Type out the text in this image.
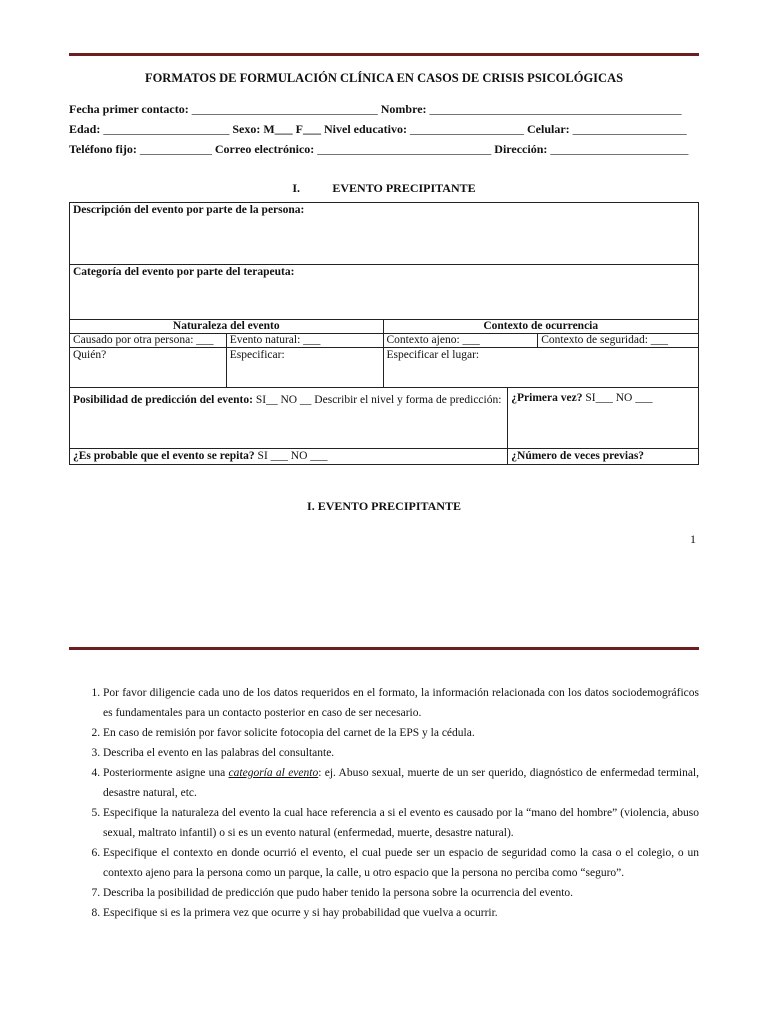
FORMATOS DE FORMULACIÓN CLÍNICA EN CASOS DE CRISIS PSICOLÓGICAS
Fecha primer contacto: _______________________________ Nombre: __________________________________________
Edad: _____________________ Sexo: M___ F___ Nivel educativo: ___________________ Celular: ___________________
Teléfono fijo: ____________ Correo electrónico: _____________________________ Dirección: _______________________
I.	EVENTO PRECIPITANTE
Descripción del evento por parte de la persona:				
Categoría del evento por parte del terapeuta:				
Naturaleza del evento		Contexto de ocurrencia		
Causado por otra persona: ___	Evento natural: ___	Contexto ajeno: ___		Contexto de seguridad: ___
Quién?	Especificar:	Especificar el lugar:		
Posibilidad de predicción del evento: SI__ NO __ Describir el nivel y forma de predicción:			¿Primera vez? SI___ NO ___	
¿Es probable que el evento se repita? SI ___ NO ___			¿Número de veces previas?	
I. EVENTO PRECIPITANTE
1
1. Por favor diligencie cada uno de los datos requeridos en el formato, la información relacionada con los datos sociodemográficos es fundamentales para un contacto posterior en caso de ser necesario.
2. En caso de remisión por favor solicite fotocopia del carnet de la EPS y la cédula.
3. Describa el evento en las palabras del consultante.
4. Posteriormente asigne una categoría al evento: ej. Abuso sexual, muerte de un ser querido, diagnóstico de enfermedad terminal, desastre natural, etc.
5. Especifique la naturaleza del evento la cual hace referencia a si el evento es causado por la “mano del hombre” (violencia, abuso sexual, maltrato infantil) o si es un evento natural (enfermedad, muerte, desastre natural).
6. Especifique el contexto en donde ocurrió el evento, el cual puede ser un espacio de seguridad como la casa o el colegio, o un contexto ajeno para la persona como un parque, la calle, u otro espacio que la persona no perciba como “seguro”.
7. Describa la posibilidad de predicción que pudo haber tenido la persona sobre la ocurrencia del evento.
8. Especifique si es la primera vez que ocurre y si hay probabilidad que vuelva a ocurrir.
